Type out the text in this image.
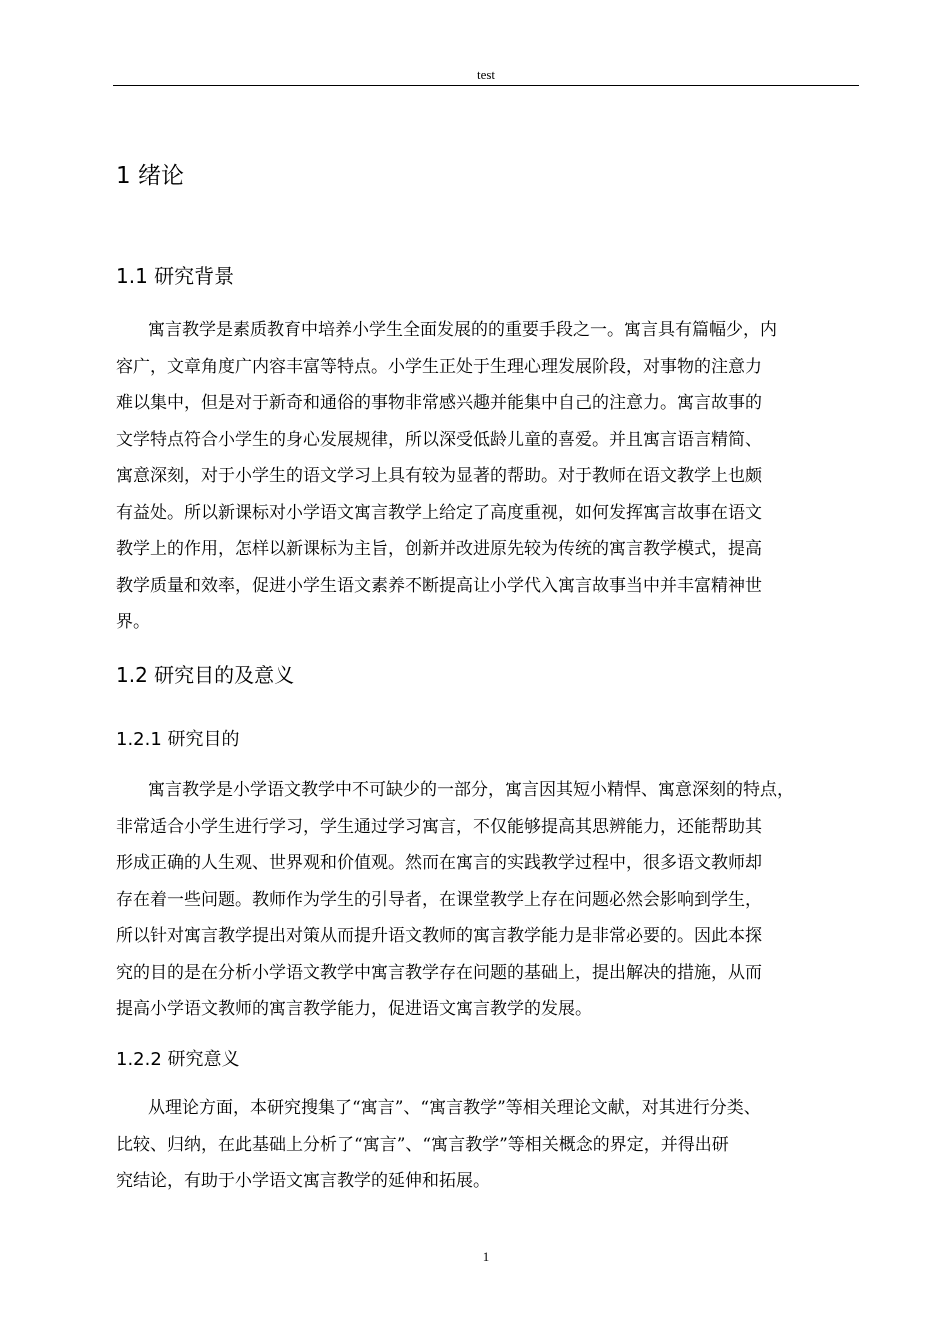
test
1 绪论
1.1 研究背景
寓言教学是素质教育中培养小学生全面发展的的重要手段之一。寓言具有篇幅少，内
容广，文章角度广内容丰富等特点。小学生正处于生理心理发展阶段，对事物的注意力
难以集中，但是对于新奇和通俗的事物非常感兴趣并能集中自己的注意力。寓言故事的
文学特点符合小学生的身心发展规律，所以深受低龄儿童的喜爱。并且寓言语言精简、
寓意深刻，对于小学生的语文学习上具有较为显著的帮助。对于教师在语文教学上也颇
有益处。所以新课标对小学语文寓言教学上给定了高度重视，如何发挥寓言故事在语文
教学上的作用，怎样以新课标为主旨，创新并改进原先较为传统的寓言教学模式，提高
教学质量和效率，促进小学生语文素养不断提高让小学代入寓言故事当中并丰富精神世
界。
1.2 研究目的及意义
1.2.1 研究目的
寓言教学是小学语文教学中不可缺少的一部分，寓言因其短小精悍、寓意深刻的特点，
非常适合小学生进行学习，学生通过学习寓言，不仅能够提高其思辨能力，还能帮助其
形成正确的人生观、世界观和价值观。然而在寓言的实践教学过程中，很多语文教师却
存在着一些问题。教师作为学生的引导者，在课堂教学上存在问题必然会影响到学生，
所以针对寓言教学提出对策从而提升语文教师的寓言教学能力是非常必要的。因此本探
究的目的是在分析小学语文教学中寓言教学存在问题的基础上，提出解决的措施，从而
提高小学语文教师的寓言教学能力，促进语文寓言教学的发展。
1.2.2 研究意义
从理论方面，本研究搜集了“寓言”、“寓言教学”等相关理论文献，对其进行分类、
比较、归纳，在此基础上分析了“寓言”、“寓言教学”等相关概念的界定，并得出研
究结论，有助于小学语文寓言教学的延伸和拓展。
1
